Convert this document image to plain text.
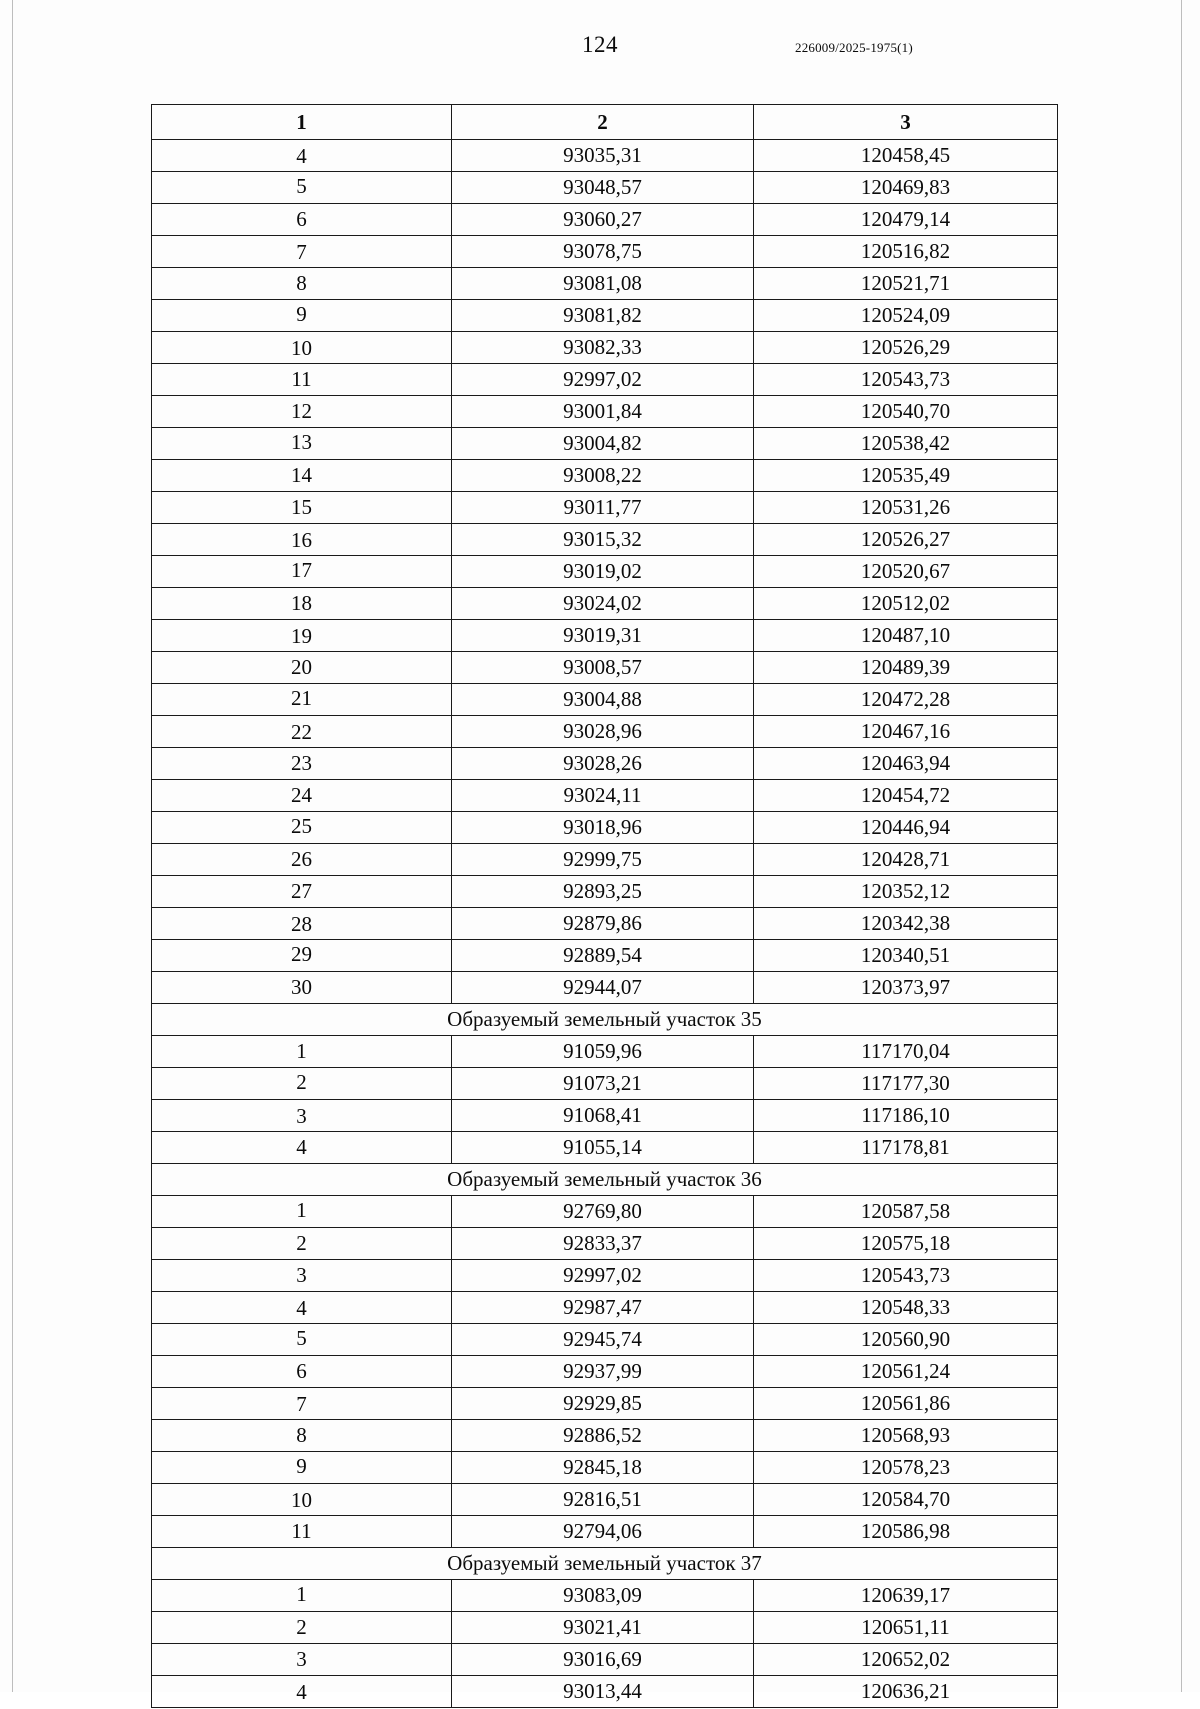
124	226009/2025-1975(1)
1	2	3
4	93035,31	120458,45
5	93048,57	120469,83
6	93060,27	120479,14
7	93078,75	120516,82
8	93081,08	120521,71
9	93081,82	120524,09
10	93082,33	120526,29
11	92997,02	120543,73
12	93001,84	120540,70
13	93004,82	120538,42
14	93008,22	120535,49
15	93011,77	120531,26
16	93015,32	120526,27
17	93019,02	120520,67
18	93024,02	120512,02
19	93019,31	120487,10
20	93008,57	120489,39
21	93004,88	120472,28
22	93028,96	120467,16
23	93028,26	120463,94
24	93024,11	120454,72
25	93018,96	120446,94
26	92999,75	120428,71
27	92893,25	120352,12
28	92879,86	120342,38
29	92889,54	120340,51
30	92944,07	120373,97
Образуемый земельный участок 35		
1	91059,96	117170,04
2	91073,21	117177,30
3	91068,41	117186,10
4	91055,14	117178,81
Образуемый земельный участок 36		
1	92769,80	120587,58
2	92833,37	120575,18
3	92997,02	120543,73
4	92987,47	120548,33
5	92945,74	120560,90
6	92937,99	120561,24
7	92929,85	120561,86
8	92886,52	120568,93
9	92845,18	120578,23
10	92816,51	120584,70
11	92794,06	120586,98
Образуемый земельный участок 37		
1	93083,09	120639,17
2	93021,41	120651,11
3	93016,69	120652,02
4	93013,44	120636,21
